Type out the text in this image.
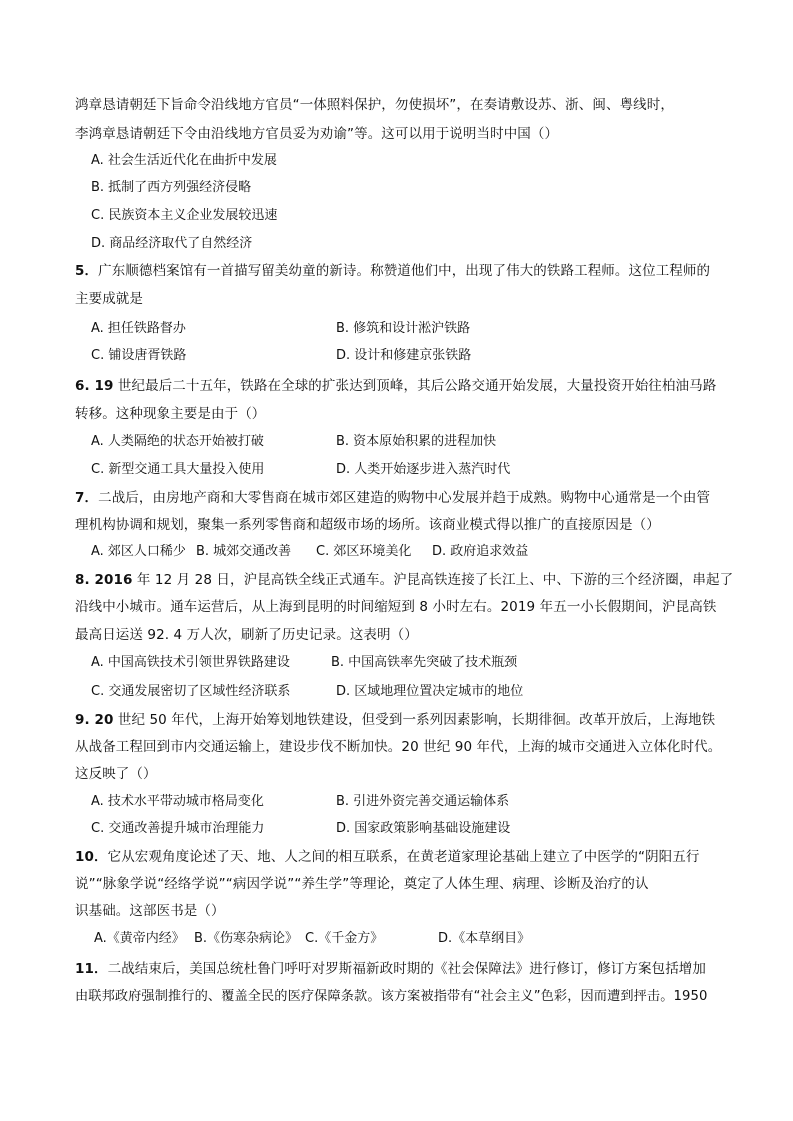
鸿章恳请朝廷下旨命令沿线地方官员“一体照料保护，勿使损坏”，在奏请敷设苏、浙、闽、粤线时，
李鸿章恳请朝廷下令由沿线地方官员妥为劝谕”等。这可以用于说明当时中国（）
A. 社会生活近代化在曲折中发展
B. 抵制了西方列强经济侵略
C. 民族资本主义企业发展较迅速
D. 商品经济取代了自然经济
5．广东顺德档案馆有一首描写留美幼童的新诗。称赞道他们中，出现了伟大的铁路工程师。这位工程师的
主要成就是
A. 担任铁路督办	B. 修筑和设计淞沪铁路
C. 铺设唐胥铁路	D. 设计和修建京张铁路
6. 19 世纪最后二十五年，铁路在全球的扩张达到顶峰，其后公路交通开始发展，大量投资开始往柏油马路
转移。这种现象主要是由于（）
A. 人类隔绝的状态开始被打破	B. 资本原始积累的进程加快
C. 新型交通工具大量投入使用	D. 人类开始逐步进入蒸汽时代
7．二战后，由房地产商和大零售商在城市郊区建造的购物中心发展并趋于成熟。购物中心通常是一个由管
理机构协调和规划，聚集一系列零售商和超级市场的场所。该商业模式得以推广的直接原因是（）
A. 郊区人口稀少 B. 城郊交通改善 C. 郊区环境美化 D. 政府追求效益
8. 2016 年 12 月 28 日，沪昆高铁全线正式通车。沪昆高铁连接了长江上、中、下游的三个经济圈，串起了
沿线中小城市。通车运营后，从上海到昆明的时间缩短到 8 小时左右。2019 年五一小长假期间，沪昆高铁
最高日运送 92. 4 万人次，刷新了历史记录。这表明（）
A. 中国高铁技术引领世界铁路建设	B. 中国高铁率先突破了技术瓶颈
C. 交通发展密切了区域性经济联系	D. 区域地理位置决定城市的地位
9. 20 世纪 50 年代，上海开始筹划地铁建设，但受到一系列因素影响，长期徘徊。改革开放后，上海地铁
从战备工程回到市内交通运输上，建设步伐不断加快。20 世纪 90 年代，上海的城市交通进入立体化时代。
这反映了（）
A. 技术水平带动城市格局变化	B. 引进外资完善交通运输体系
C. 交通改善提升城市治理能力	D. 国家政策影响基础设施建设
10．它从宏观角度论述了天、地、人之间的相互联系，在黄老道家理论基础上建立了中医学的“阴阳五行
说”“脉象学说“经络学说”“病因学说”“养生学”等理论，奠定了人体生理、病理、诊断及治疗的认
识基础。这部医书是（）
A.《黄帝内经》 B.《伤寒杂病论》 C.《千金方》	D.《本草纲目》
11．二战结束后，美国总统杜鲁门呼吁对罗斯福新政时期的《社会保障法》进行修订，修订方案包括增加
由联邦政府强制推行的、覆盖全民的医疗保障条款。该方案被指带有“社会主义”色彩，因而遭到抨击。1950
